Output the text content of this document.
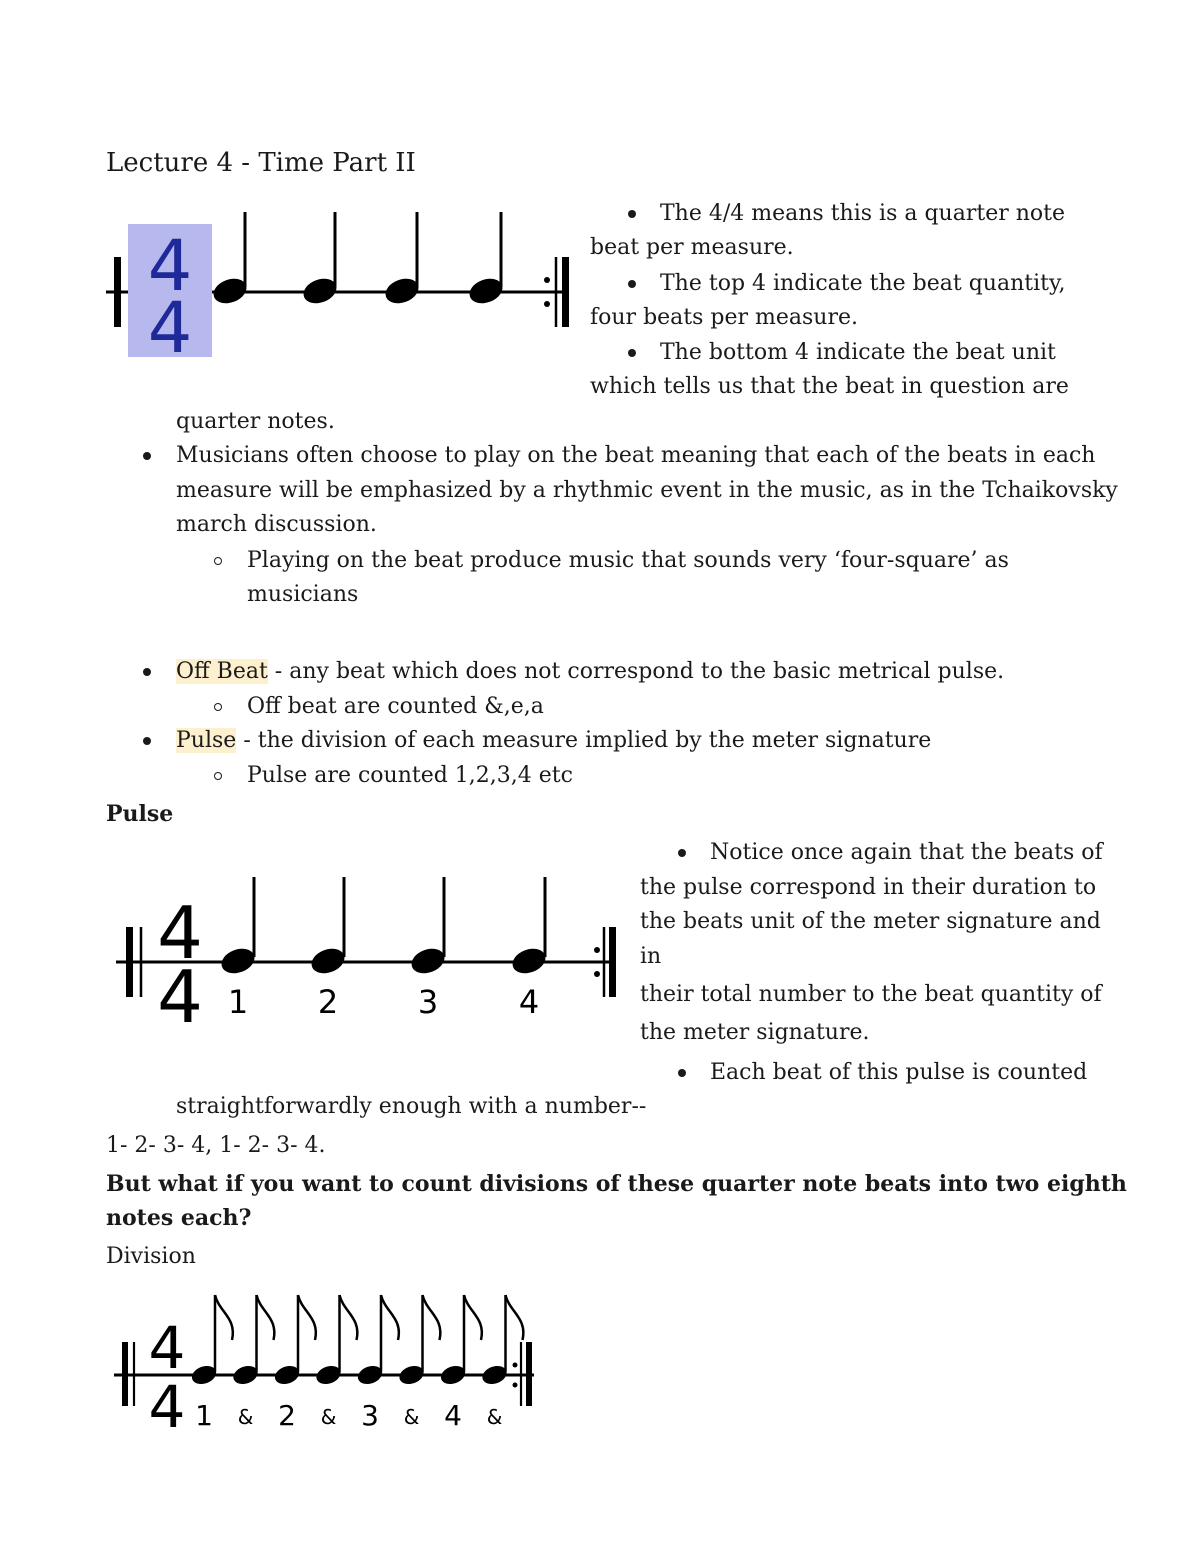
Lecture 4 - Time Part II
4
4
The 4/4 means this is a quarter note
beat per measure.
The top 4 indicate the beat quantity,
four beats per measure.
The bottom 4 indicate the beat unit
which tells us that the beat in question are
quarter notes.
Musicians often choose to play on the beat meaning that each of the beats in each
measure will be emphasized by a rhythmic event in the music, as in the Tchaikovsky
march discussion.
Playing on the beat produce music that sounds very ‘four-square’ as
musicians
Off Beat - any beat which does not correspond to the basic metrical pulse.
Off beat are counted &,e,a
Pulse - the division of each measure implied by the meter signature
Pulse are counted 1,2,3,4 etc
Pulse
4
4 1 2 3	4
Notice once again that the beats of
the pulse correspond in their duration to
the beats unit of the meter signature and
in
their total number to the beat quantity of
the meter signature.
Each beat of this pulse is counted
straightforwardly enough with a number--
1- 2- 3- 4, 1- 2- 3- 4.
But what if you want to count divisions of these quarter note beats into two eighth
notes each?
Division
4
4 1 & 2 & 3 & 4 &
